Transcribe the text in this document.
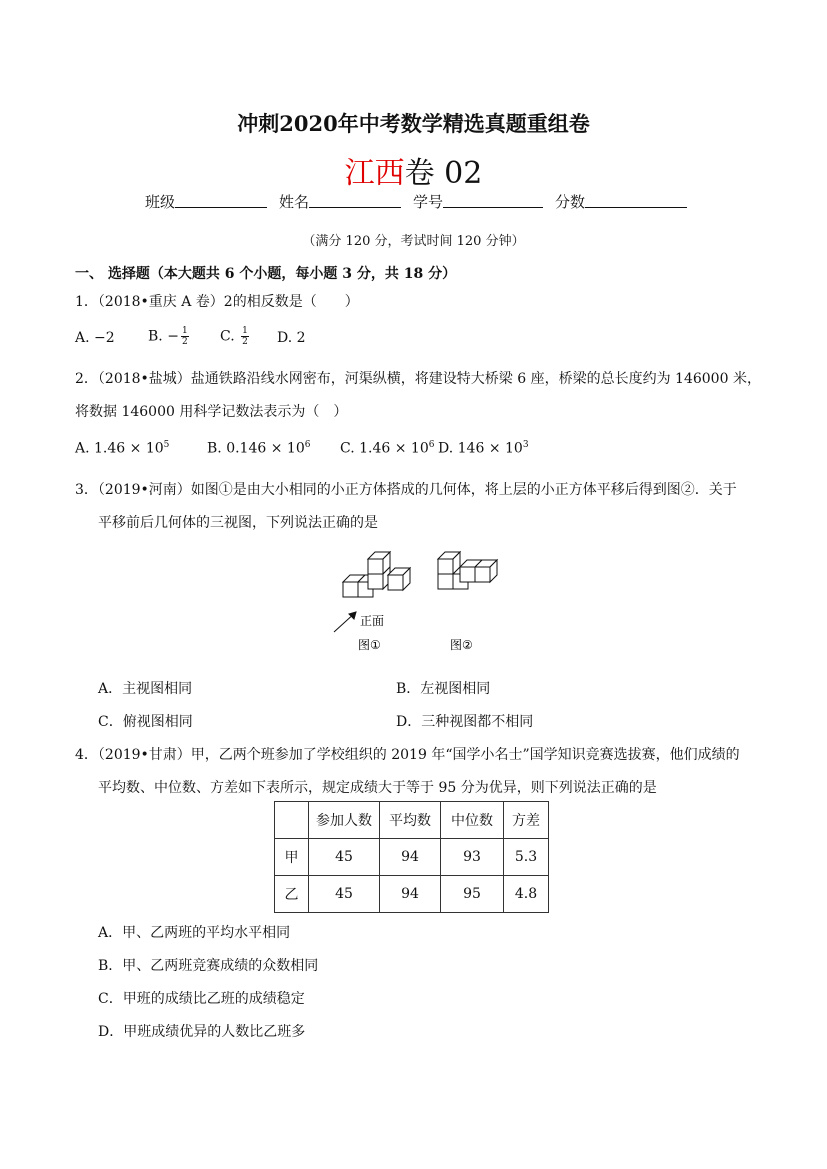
冲刺2020年中考数学精选真题重组卷
江西卷 02
班级	姓名	学号	分数
（满分 120 分，考试时间 120 分钟）
一、 选择题（本大题共 6 个小题，每小题 3 分，共 18 分）
1．（2018•重庆 A 卷）2的相反数是（　　）
A. −2 B. − $\frac{1}{2} C$. $\frac{1}{2} D$. 2
2．（2018•盐城）盐通铁路沿线水网密布，河渠纵横，将建设特大桥梁 6 座，桥梁的总长度约为 146000 米，
将数据 146000 用科学记数法表示为（　）
A. $1.46 \times 10^5$	B. $0.146 \times 10^6$ C. $1.46 \times 10^6$ D. $146 \times 10^3$
3．（2019•河南）如图①是由大小相同的小正方体搭成的几何体，将上层的小正方体平移后得到图②．关于
平移前后几何体的三视图，下列说法正确的是
正面
图①	图②
A．主视图相同	B．左视图相同
C．俯视图相同	D．三种视图都不相同
4．（2019•甘肃）甲，乙两个班参加了学校组织的 2019 年“国学小名士”国学知识竞赛选拔赛，他们成绩的
平均数、中位数、方差如下表所示，规定成绩大于等于 95 分为优异，则下列说法正确的是
	参加人数	平均数	中位数	方差
甲	45	94	93	5.3
乙	45	94	95	4.8
A．甲、乙两班的平均水平相同
B．甲、乙两班竞赛成绩的众数相同
C．甲班的成绩比乙班的成绩稳定
D．甲班成绩优异的人数比乙班多
